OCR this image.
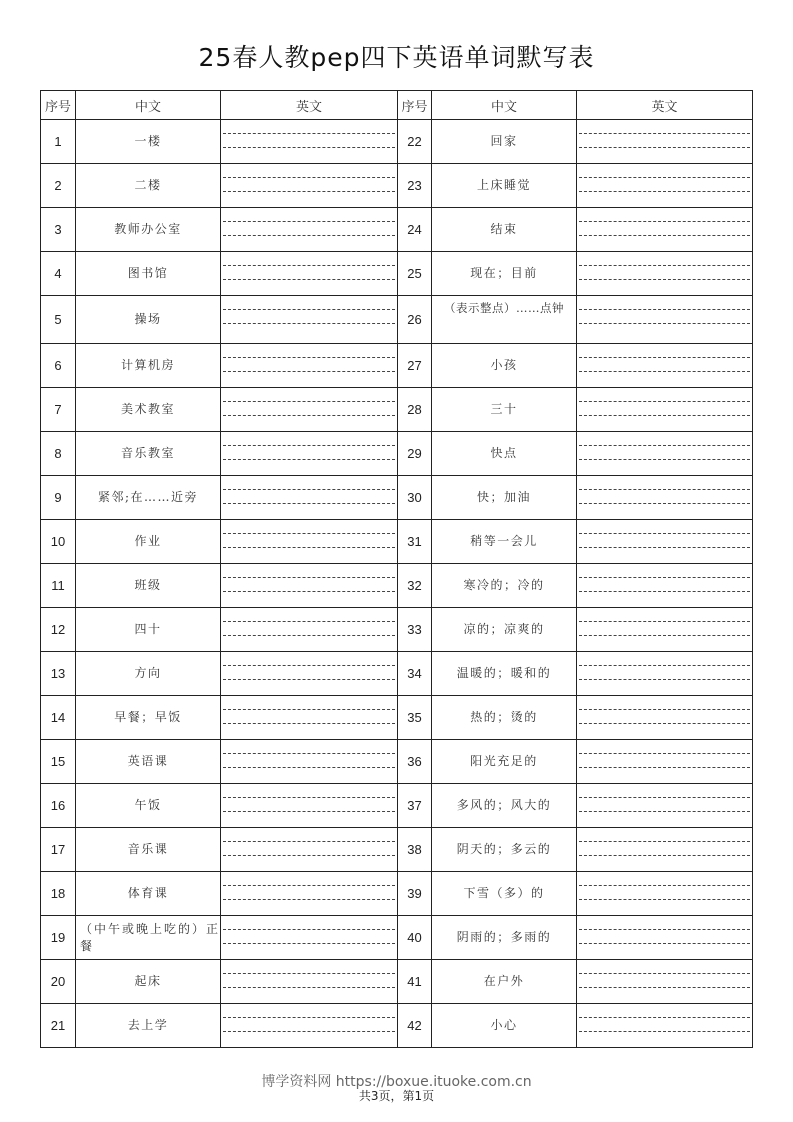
25春人教pep四下英语单词默写表
序号	中文	英文	序号	中文	英文
1	一楼		22	回家	

2	二楼		23	上床睡觉	

3	教师办公室		24	结束	

4	图书馆		25	现在；目前	

5	操场		26	（表示整点）……点钟	

6	计算机房		27	小孩	

7	美术教室		28	三十	

8	音乐教室		29	快点	

9	紧邻;在……近旁		30	快；加油	

10	作业		31	稍等一会儿	

11	班级		32	寒冷的；冷的	

12	四十		33	凉的；凉爽的	

13	方向		34	温暖的；暖和的	

14	早餐；早饭		35	热的；烫的	

15	英语课		36	阳光充足的	

16	午饭		37	多风的；风大的	

17	音乐课		38	阴天的；多云的	

18	体育课		39	下雪（多）的	

19	（中午或晚上吃的）正餐		40	阴雨的；多雨的	

20	起床		41	在户外	

21	去上学		42	小心	
博学资料网 https://boxue.ituoke.com.cn
共3页，第1页
